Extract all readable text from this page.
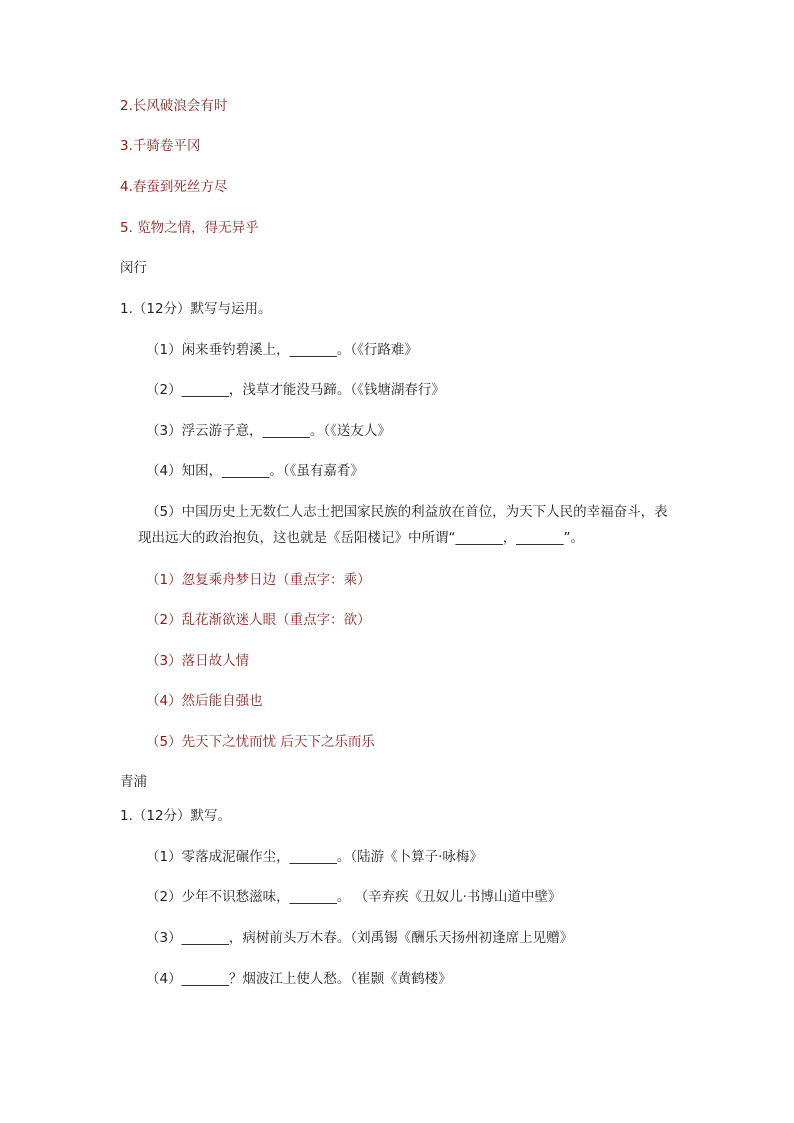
2.长风破浪会有时
3.千骑卷平冈
4.春蚕到死丝方尽
5. 览物之情，得无异乎
闵行
1.（12分）默写与运用。
（1）闲来垂钓碧溪上，_______。（《行路难》
（2）_______，浅草才能没马蹄。（《钱塘湖春行》
（3）浮云游子意，_______。（《送友人》
（4）知困，_______。（《虽有嘉肴》
（5）中国历史上无数仁人志士把国家民族的利益放在首位，为天下人民的幸福奋斗，表
现出远大的政治抱负，这也就是《岳阳楼记》中所谓“_______，_______”。
（1）忽复乘舟梦日边（重点字：乘）
（2）乱花渐欲迷人眼（重点字：欲）
（3）落日故人情
（4）然后能自强也
（5）先天下之忧而忧 后天下之乐而乐
青浦
1.（12分）默写。
（1）零落成泥碾作尘，_______。（陆游《卜算子·咏梅》
（2）少年不识愁滋味，_______。 （辛弃疾《丑奴儿·书博山道中壁》
（3）_______，病树前头万木春。（刘禹锡《酬乐天扬州初逢席上见赠》
（4）_______？烟波江上使人愁。（崔颢《黄鹤楼》
